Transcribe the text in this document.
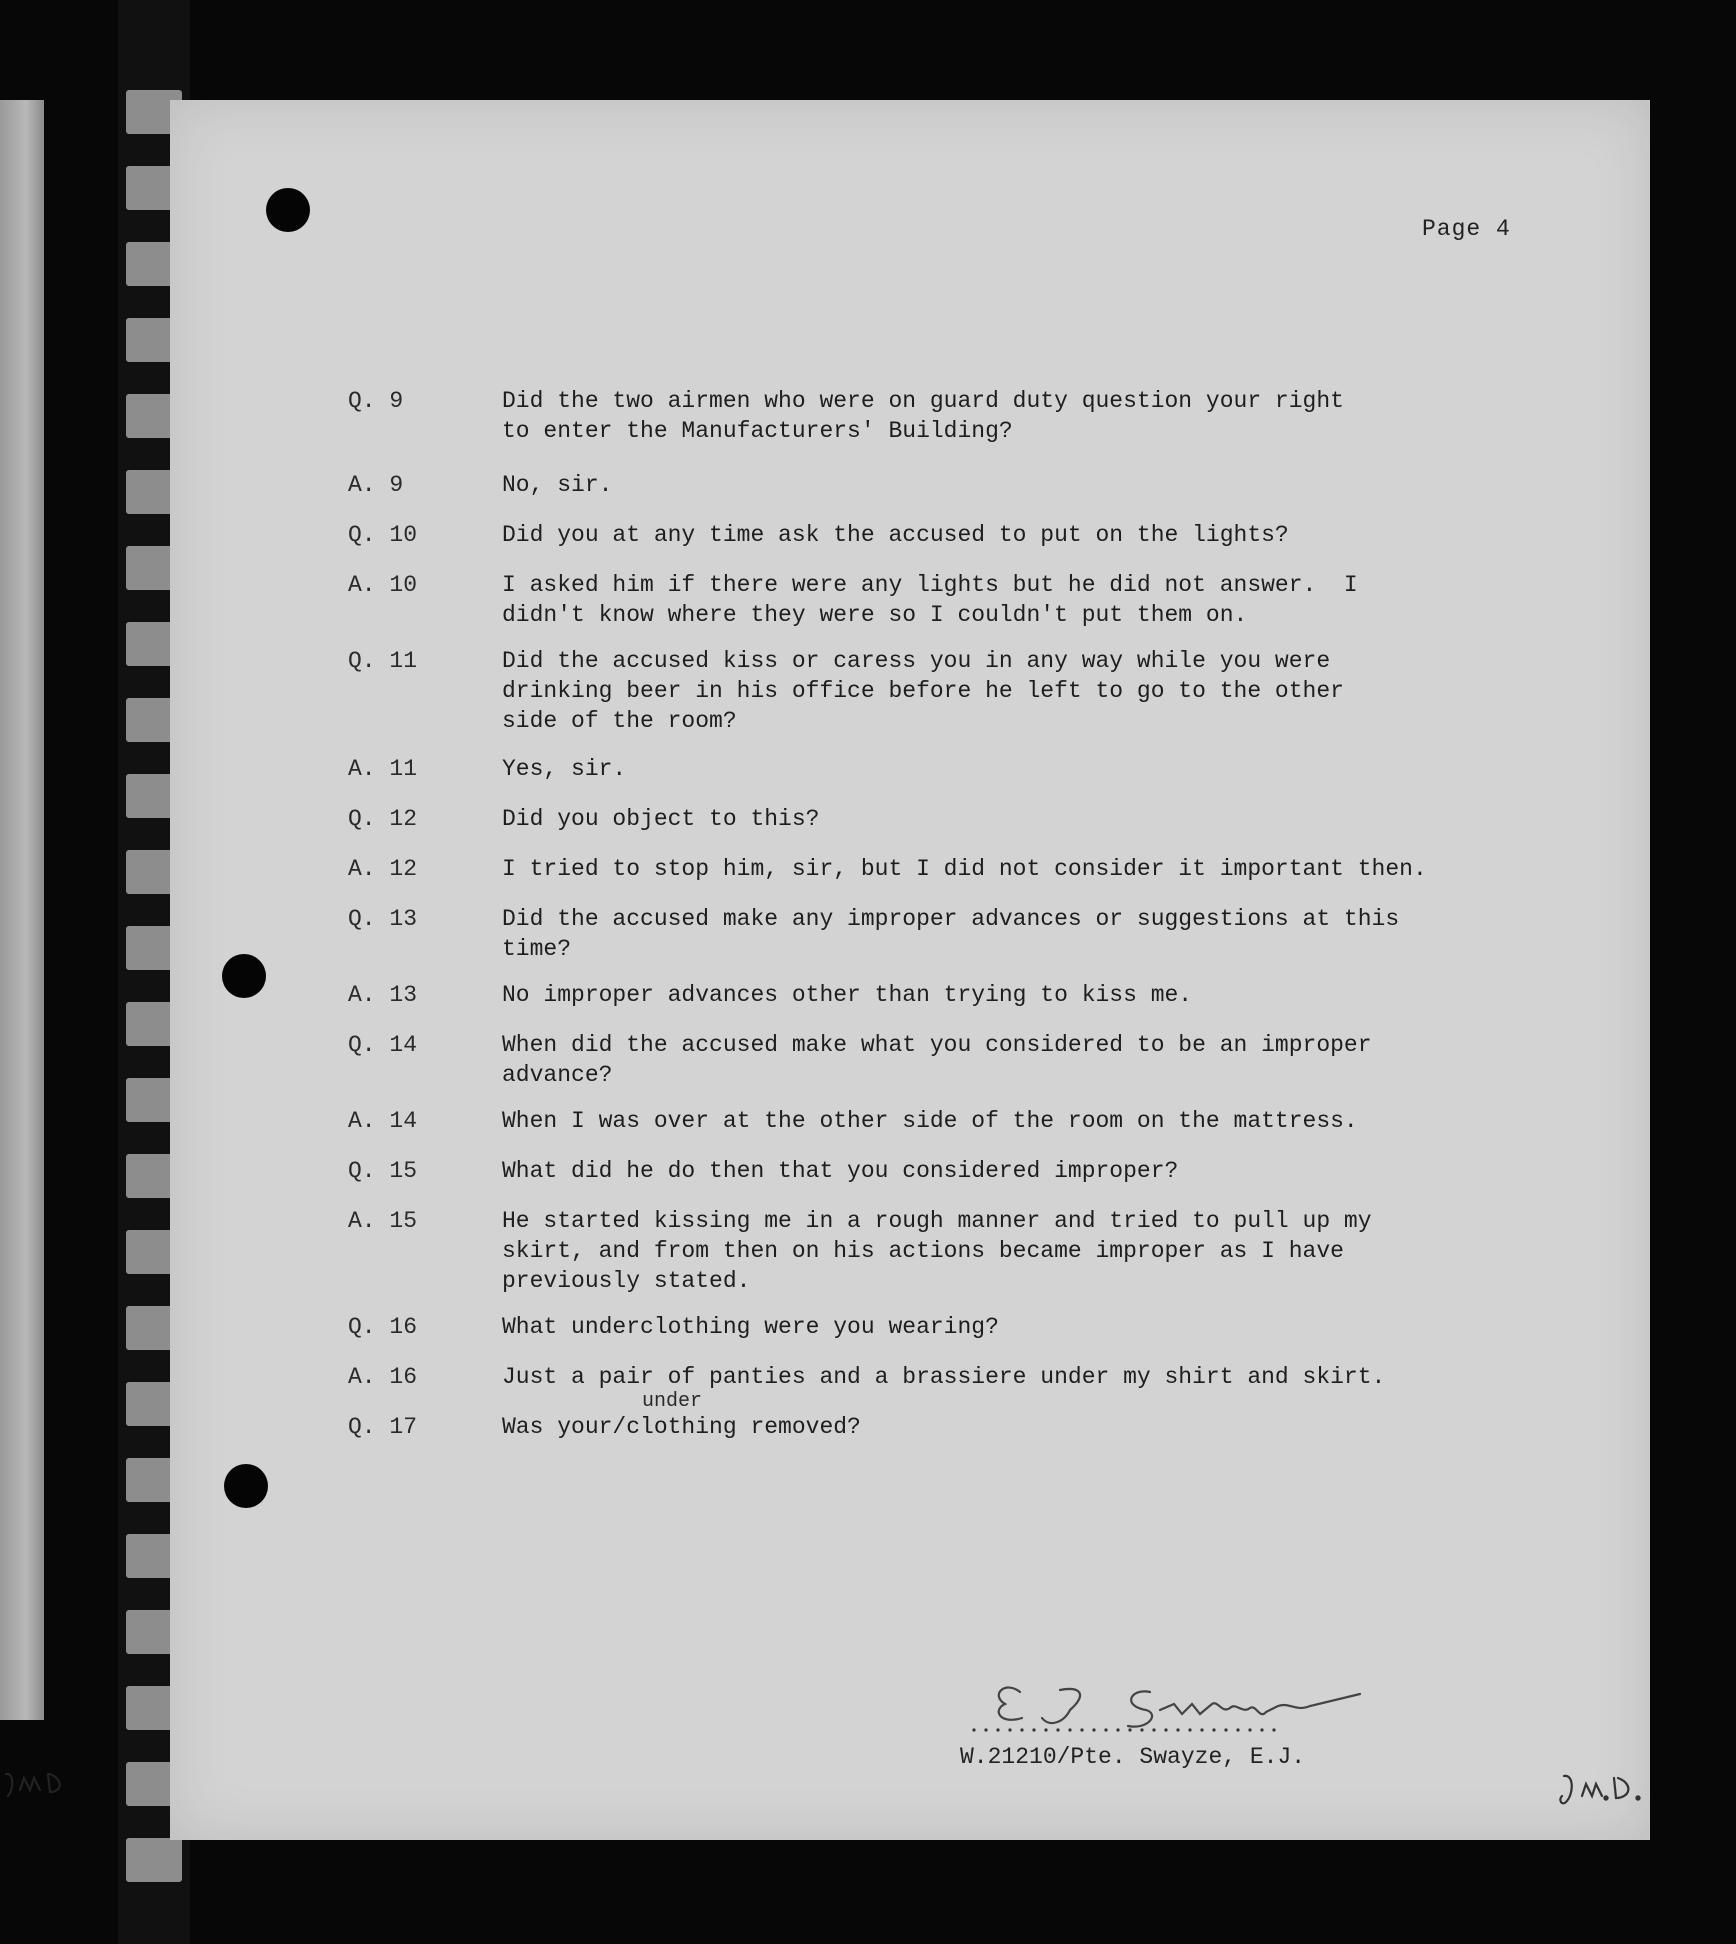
Page 4
Q. 9	Did the two airmen who were on guard duty question your right
to enter the Manufacturers' Building?
A. 9	No, sir.
Q. 10	Did you at any time ask the accused to put on the lights?
A. 10	I asked him if there were any lights but he did not answer.  I
didn't know where they were so I couldn't put them on.
Q. 11	Did the accused kiss or caress you in any way while you were
drinking beer in his office before he left to go to the other
side of the room?
A. 11	Yes, sir.
Q. 12	Did you object to this?
A. 12	I tried to stop him, sir, but I did not consider it important then.
Q. 13	Did the accused make any improper advances or suggestions at this
time?
A. 13	No improper advances other than trying to kiss me.
Q. 14	When did the accused make what you considered to be an improper
advance?
A. 14	When I was over at the other side of the room on the mattress.
Q. 15	What did he do then that you considered improper?
A. 15	He started kissing me in a rough manner and tried to pull up my
skirt, and from then on his actions became improper as I have
previously stated.
Q. 16	What underclothing were you wearing?
A. 16	Just a pair of panties and a brassiere under my shirt and skirt.
Q. 17	Was your/clothing removed?
under
W.21210/Pte. Swayze, E.J.
